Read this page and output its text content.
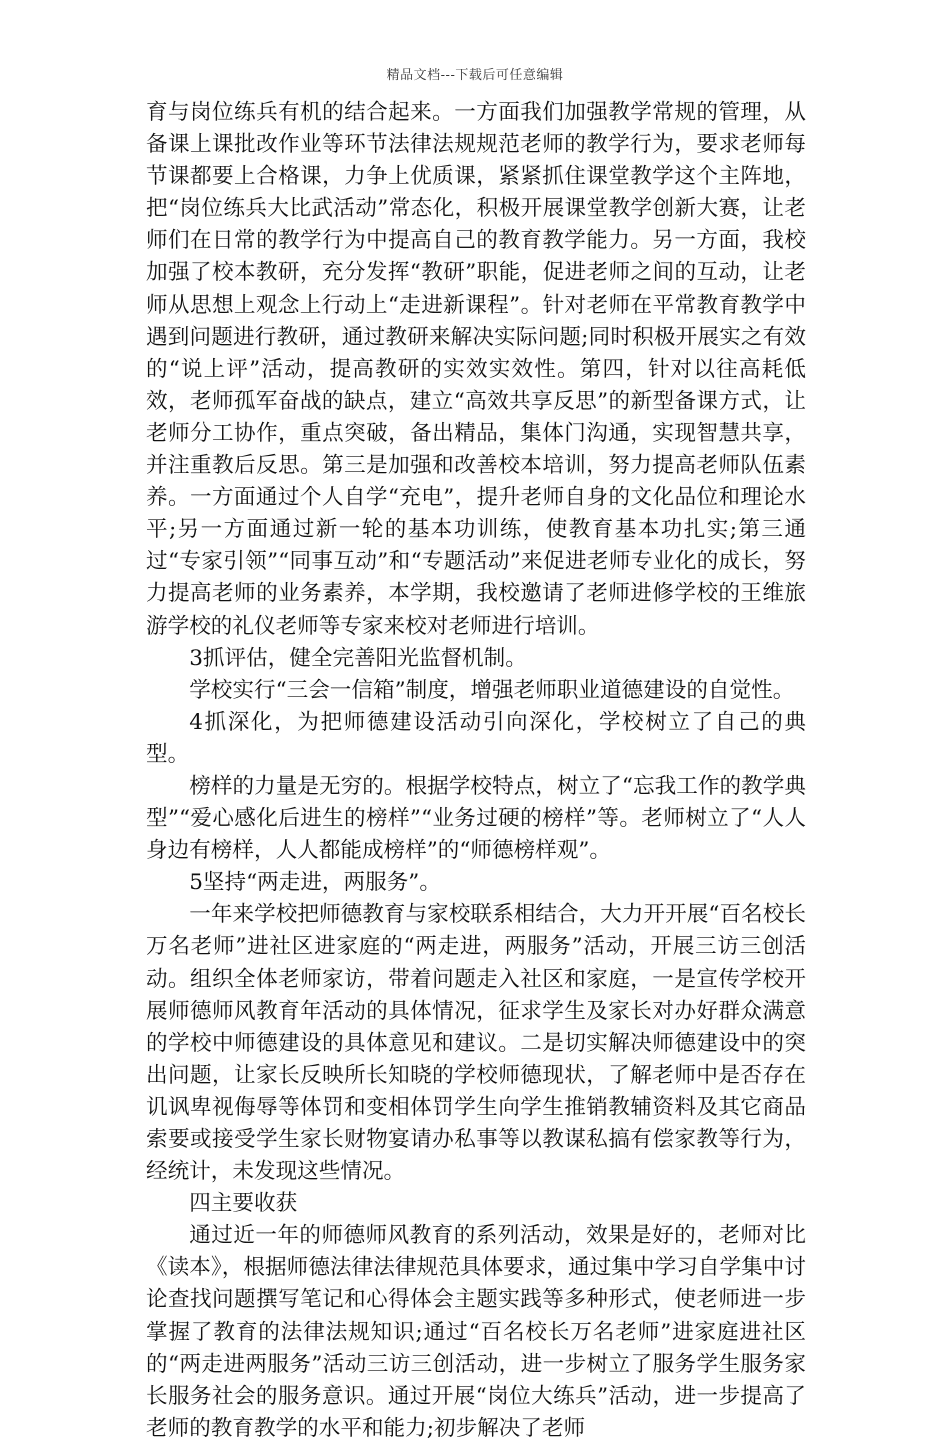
精品文档---下载后可任意编辑

育与岗位练兵有机的结合起来。一方面我们加强教学常规的管理，从备课上课批改作业等环节法律法规规范老师的教学行为，要求老师每节课都要上合格课，力争上优质课，紧紧抓住课堂教学这个主阵地，把“岗位练兵大比武活动”常态化，积极开展课堂教学创新大赛，让老师们在日常的教学行为中提高自己的教育教学能力。另一方面，我校加强了校本教研，充分发挥“教研”职能，促进老师之间的互动，让老师从思想上观念上行动上“走进新课程”。针对老师在平常教育教学中遇到问题进行教研，通过教研来解决实际问题;同时积极开展实之有效的“说上评”活动，提高教研的实效实效性。第四，针对以往高耗低效，老师孤军奋战的缺点，建立“高效共享反思”的新型备课方式，让老师分工协作，重点突破，备出精品，集体门沟通，实现智慧共享，并注重教后反思。第三是加强和改善校本培训，努力提高老师队伍素养。一方面通过个人自学“充电”，提升老师自身的文化品位和理论水平;另一方面通过新一轮的基本功训练，使教育基本功扎实;第三通过“专家引领”“同事互动”和“专题活动”来促进老师专业化的成长，努力提高老师的业务素养，本学期，我校邀请了老师进修学校的王维旅游学校的礼仪老师等专家来校对老师进行培训。

3抓评估，健全完善阳光监督机制。

学校实行“三会一信箱”制度，增强老师职业道德建设的自觉性。

4抓深化，为把师德建设活动引向深化，学校树立了自己的典型。

榜样的力量是无穷的。根据学校特点，树立了“忘我工作的教学典型”“爱心感化后进生的榜样”“业务过硬的榜样”等。老师树立了“人人身边有榜样，人人都能成榜样”的“师德榜样观”。

5坚持“两走进，两服务”。

一年来学校把师德教育与家校联系相结合，大力开开展“百名校长万名老师”进社区进家庭的“两走进，两服务”活动，开展三访三创活动。组织全体老师家访，带着问题走入社区和家庭，一是宣传学校开展师德师风教育年活动的具体情况，征求学生及家长对办好群众满意的学校中师德建设的具体意见和建议。二是切实解决师德建设中的突出问题，让家长反映所长知晓的学校师德现状，了解老师中是否存在讥讽卑视侮辱等体罚和变相体罚学生向学生推销教辅资料及其它商品索要或接受学生家长财物宴请办私事等以教谋私搞有偿家教等行为，经统计，未发现这些情况。

四主要收获

通过近一年的师德师风教育的系列活动，效果是好的，老师对比《读本》，根据师德法律法律规范具体要求，通过集中学习自学集中讨论查找问题撰写笔记和心得体会主题实践等多种形式，使老师进一步掌握了教育的法律法规知识;通过“百名校长万名老师”进家庭进社区的“两走进两服务”活动三访三创活动，进一步树立了服务学生服务家长服务社会的服务意识。通过开展“岗位大练兵”活动，进一步提高了老师的教育教学的水平和能力;初步解决了老师
